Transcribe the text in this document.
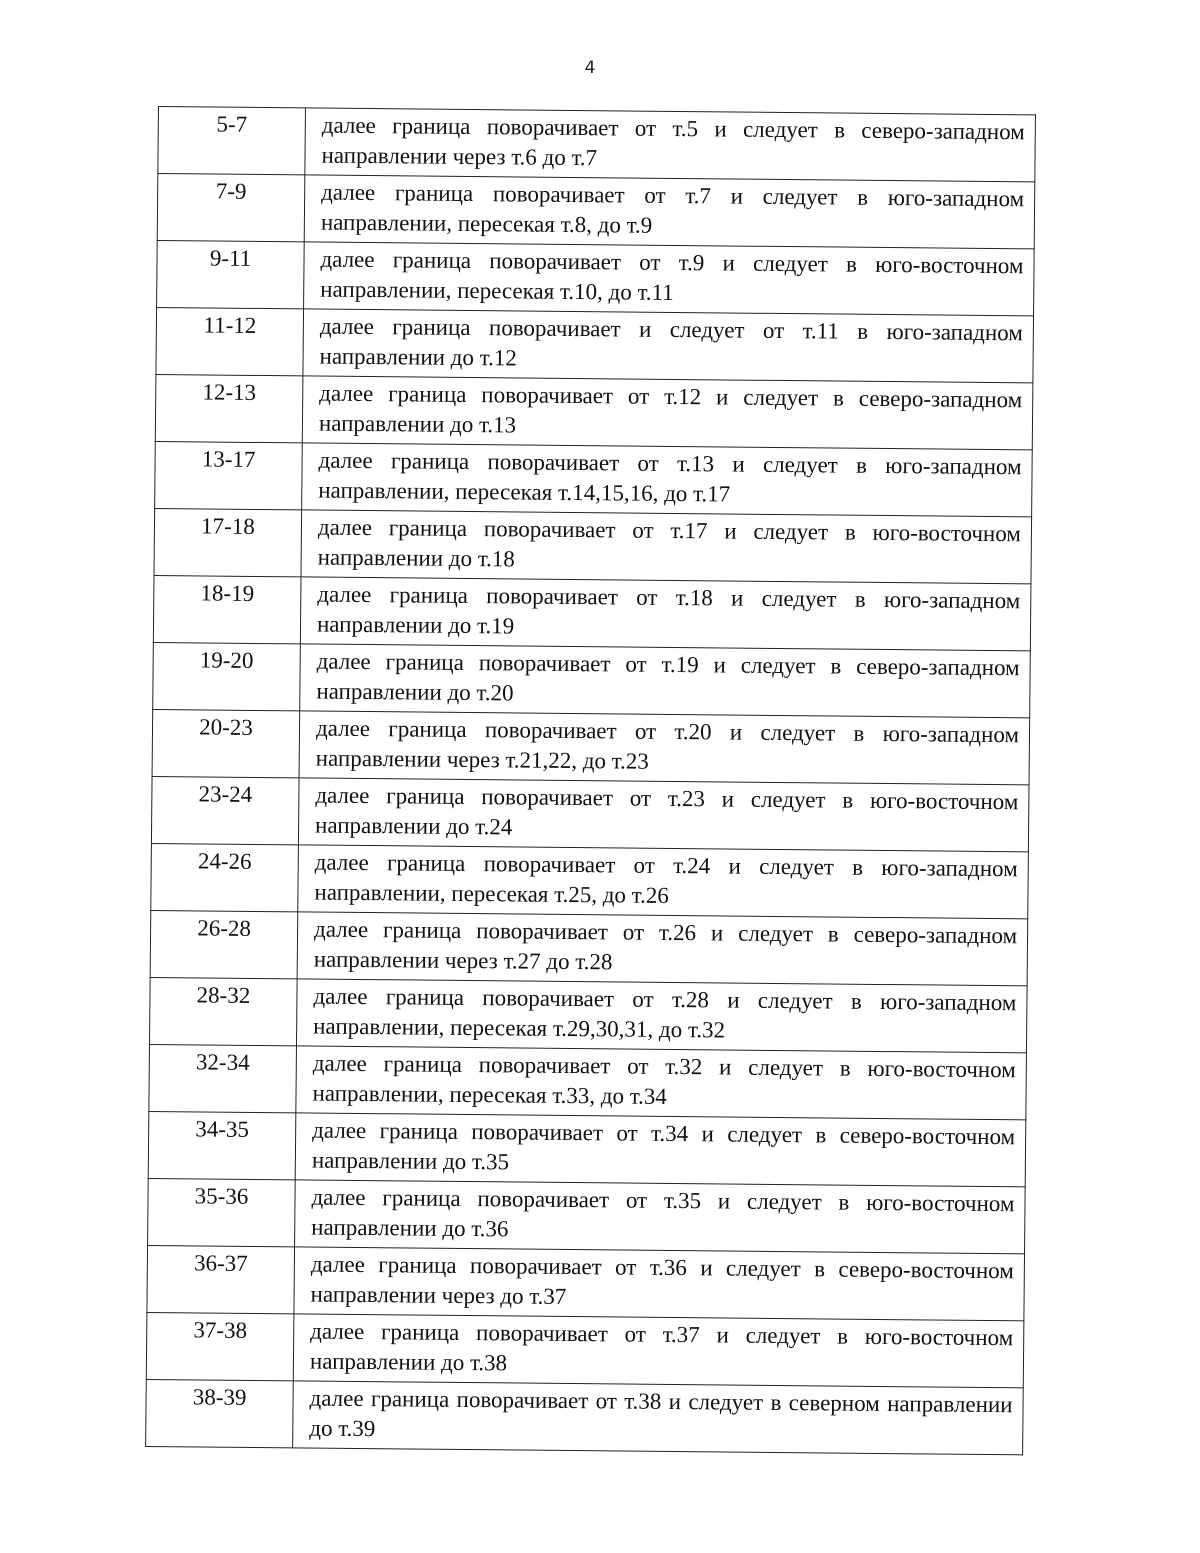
4
5-7	далее граница поворачивает от т.5 и следует в северо-западном направлении через т.6 до т.7
7-9	далее граница поворачивает от т.7 и следует в юго-западном направлении, пересекая т.8, до т.9
9-11	далее граница поворачивает от т.9 и следует в юго-восточном направлении, пересекая т.10, до т.11
11-12	далее граница поворачивает и следует от т.11 в юго-западном направлении до т.12
12-13	далее граница поворачивает от т.12 и следует в северо-западном направлении до т.13
13-17	далее граница поворачивает от т.13 и следует в юго-западном направлении, пересекая т.14,15,16, до т.17
17-18	далее граница поворачивает от т.17 и следует в юго-восточном направлении до т.18
18-19	далее граница поворачивает от т.18 и следует в юго-западном направлении до т.19
19-20	далее граница поворачивает от т.19 и следует в северо-западном направлении до т.20
20-23	далее граница поворачивает от т.20 и следует в юго-западном направлении через т.21,22, до т.23
23-24	далее граница поворачивает от т.23 и следует в юго-восточном направлении до т.24
24-26	далее граница поворачивает от т.24 и следует в юго-западном направлении, пересекая т.25, до т.26
26-28	далее граница поворачивает от т.26 и следует в северо-западном направлении через т.27 до т.28
28-32	далее граница поворачивает от т.28 и следует в юго-западном направлении, пересекая т.29,30,31, до т.32
32-34	далее граница поворачивает от т.32 и следует в юго-восточном направлении, пересекая т.33, до т.34
34-35	далее граница поворачивает от т.34 и следует в северо-восточном направлении до т.35
35-36	далее граница поворачивает от т.35 и следует в юго-восточном направлении до т.36
36-37	далее граница поворачивает от т.36 и следует в северо-восточном направлении через до т.37
37-38	далее граница поворачивает от т.37 и следует в юго-восточном направлении до т.38
38-39	далее граница поворачивает от т.38 и следует в северном направлении до т.39
